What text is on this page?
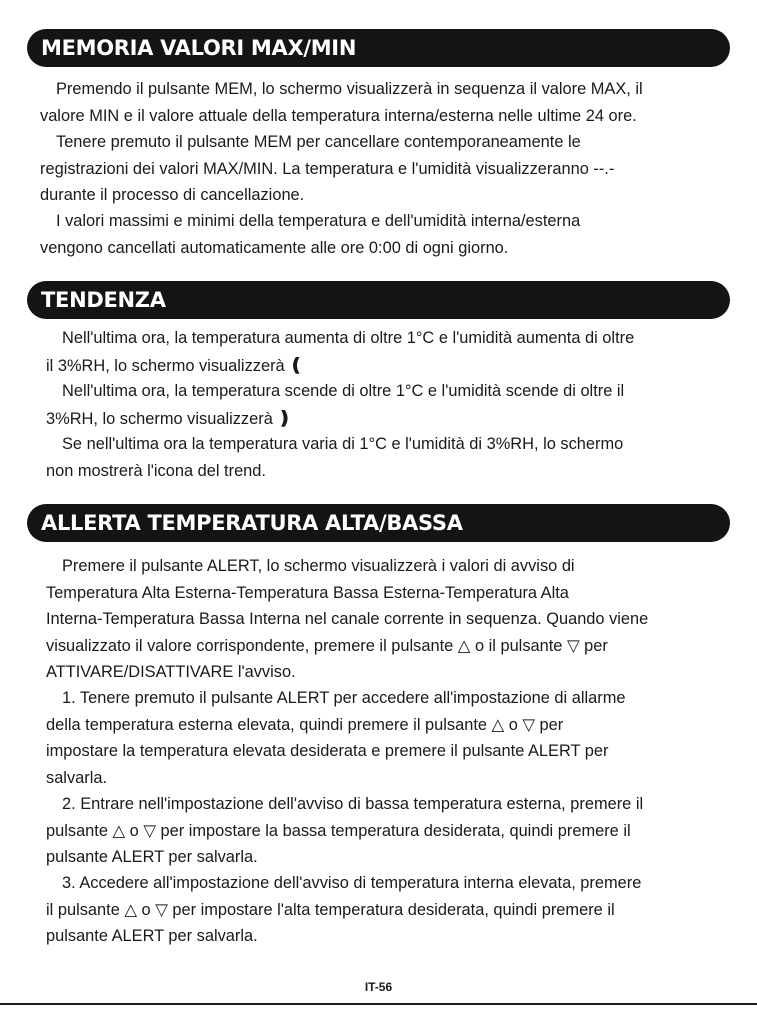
MEMORIA VALORI MAX/MIN

Premendo il pulsante MEM, lo schermo visualizzerà in sequenza il valore MAX, il
valore MIN e il valore attuale della temperatura interna/esterna nelle ultime 24 ore.

Tenere premuto il pulsante MEM per cancellare contemporaneamente le
registrazioni dei valori MAX/MIN. La temperatura e l'umidità visualizzeranno --.-
durante il processo di cancellazione.

I valori massimi e minimi della temperatura e dell'umidità interna/esterna
vengono cancellati automaticamente alle ore 0:00 di ogni giorno.

TENDENZA

Nell'ultima ora, la temperatura aumenta di oltre 1°C e l'umidità aumenta di oltre
il 3%RH, lo schermo visualizzerà ❪

Nell'ultima ora, la temperatura scende di oltre 1°C e l'umidità scende di oltre il
3%RH, lo schermo visualizzerà ❫

Se nell'ultima ora la temperatura varia di 1°C e l'umidità di 3%RH, lo schermo
non mostrerà l'icona del trend.

ALLERTA TEMPERATURA ALTA/BASSA

Premere il pulsante ALERT, lo schermo visualizzerà i valori di avviso di
Temperatura Alta Esterna-Temperatura Bassa Esterna-Temperatura Alta
Interna-Temperatura Bassa Interna nel canale corrente in sequenza. Quando viene
visualizzato il valore corrispondente, premere il pulsante △ o il pulsante ▽ per
ATTIVARE/DISATTIVARE l'avviso.

1. Tenere premuto il pulsante ALERT per accedere all'impostazione di allarme
della temperatura esterna elevata, quindi premere il pulsante △ o ▽ per
impostare la temperatura elevata desiderata e premere il pulsante ALERT per
salvarla.

2. Entrare nell'impostazione dell'avviso di bassa temperatura esterna, premere il
pulsante △ o ▽ per impostare la bassa temperatura desiderata, quindi premere il
pulsante ALERT per salvarla.

3. Accedere all'impostazione dell'avviso di temperatura interna elevata, premere
il pulsante △ o ▽ per impostare l'alta temperatura desiderata, quindi premere il
pulsante ALERT per salvarla.

IT-56
